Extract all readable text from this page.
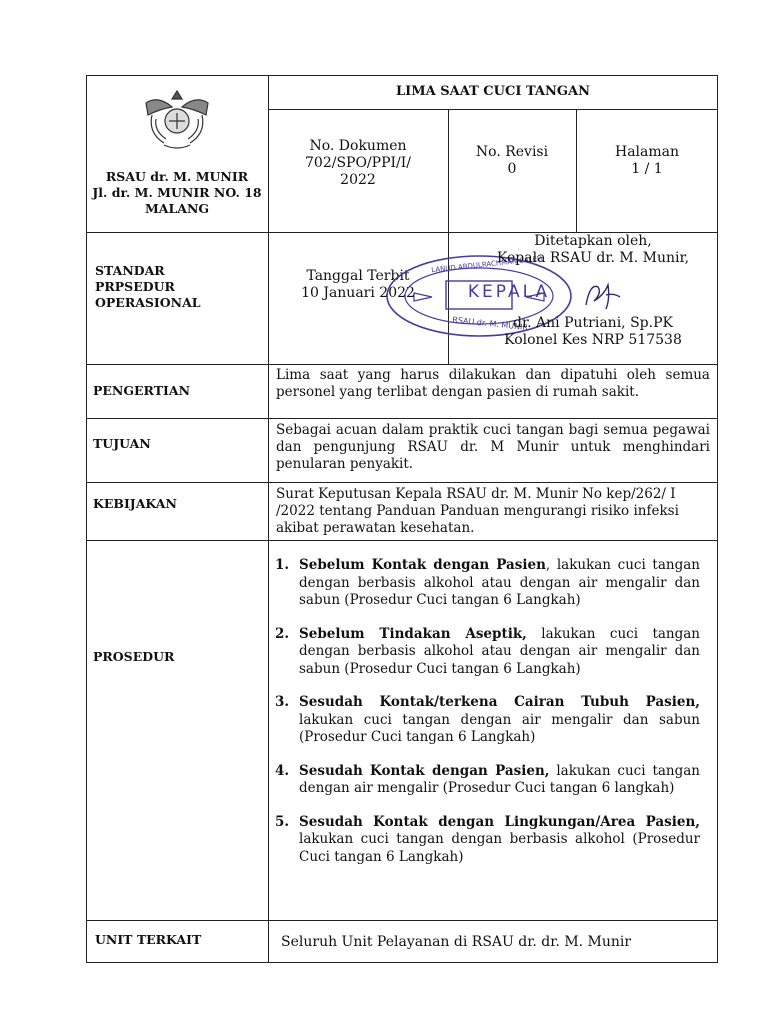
RSAU dr. M. MUNIR
Jl. dr. M. MUNIR NO. 18
MALANG
LIMA SAAT CUCI TANGAN
No. Dokumen
702/SPO/PPI/I/
2022
No. Revisi
0
Halaman
1 / 1
STANDAR
PRPSEDUR
OPERASIONAL
Tanggal Terbit
10 Januari 2022
LANUD ABDULRACHMAN SALEH
KEPALA
RSAU dr. M. MUNIR
Ditetapkan oleh,
Kepala RSAU dr. M. Munir,
dr. Ani Putriani, Sp.PK
Kolonel Kes NRP 517538
PENGERTIAN
Lima saat yang harus dilakukan dan dipatuhi oleh semua personel yang terlibat dengan pasien di rumah sakit.
TUJUAN
Sebagai acuan dalam praktik cuci tangan bagi semua pegawai dan pengunjung RSAU dr. M Munir untuk menghindari penularan penyakit.
KEBIJAKAN
Surat Keputusan Kepala RSAU dr. M. Munir No kep/262/ I /2022 tentang Panduan Panduan mengurangi risiko infeksi akibat perawatan kesehatan.
PROSEDUR
1. Sebelum Kontak dengan Pasien, lakukan cuci tangan dengan berbasis alkohol atau dengan air mengalir dan sabun (Prosedur Cuci tangan 6 Langkah)
2. Sebelum Tindakan Aseptik, lakukan cuci tangan dengan berbasis alkohol atau dengan air mengalir dan sabun (Prosedur Cuci tangan 6 Langkah)
3. Sesudah Kontak/terkena Cairan Tubuh Pasien, lakukan cuci tangan dengan air mengalir dan sabun (Prosedur Cuci tangan 6 Langkah)
4. Sesudah Kontak dengan Pasien, lakukan cuci tangan dengan air mengalir (Prosedur Cuci tangan 6 langkah)
5. Sesudah Kontak dengan Lingkungan/Area Pasien, lakukan cuci tangan dengan berbasis alkohol (Prosedur Cuci tangan 6 Langkah)
UNIT TERKAIT	Seluruh Unit Pelayanan di RSAU dr. dr. M. Munir
